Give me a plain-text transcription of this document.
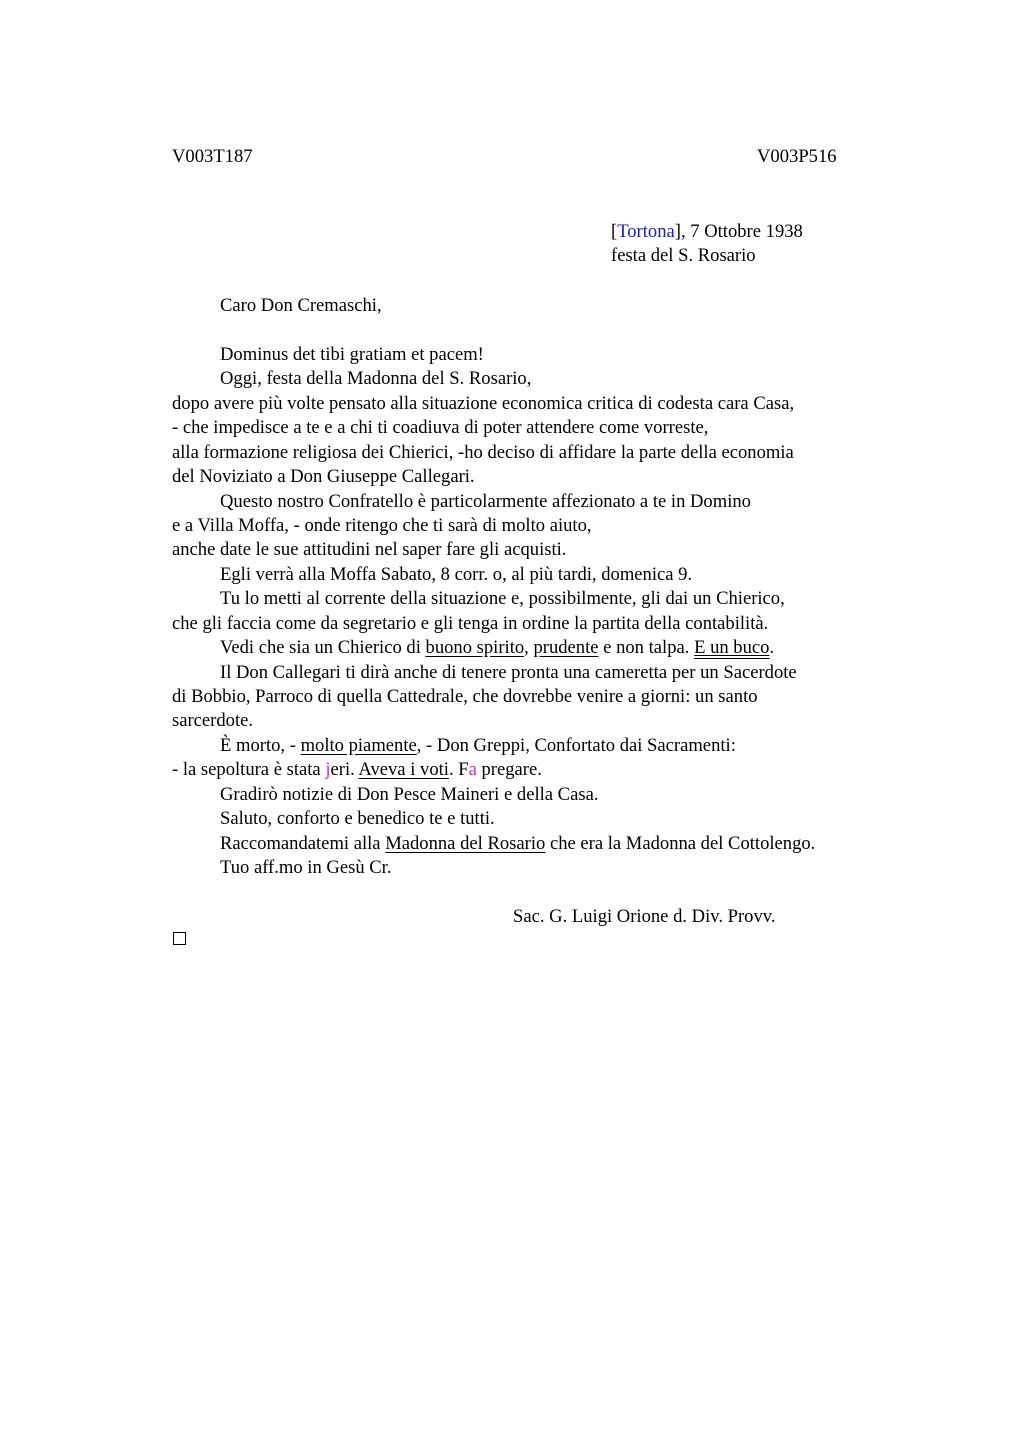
V003T187	V003P516
[Tortona], 7 Ottobre 1938
festa del S. Rosario
Caro Don Cremaschi,
Dominus det tibi gratiam et pacem!
Oggi, festa della Madonna del S. Rosario,
dopo avere più volte pensato alla situazione economica critica di codesta cara Casa,
- che impedisce a te e a chi ti coadiuva di poter attendere come vorreste,
alla formazione religiosa dei Chierici, -ho deciso di affidare la parte della economia
del Noviziato a Don Giuseppe Callegari.
Questo nostro Confratello è particolarmente affezionato a te in Domino
e a Villa Moffa, - onde ritengo che ti sarà di molto aiuto,
anche date le sue attitudini nel saper fare gli acquisti.
Egli verrà alla Moffa Sabato, 8 corr. o, al più tardi, domenica 9.
Tu lo metti al corrente della situazione e, possibilmente, gli dai un Chierico,
che gli faccia come da segretario e gli tenga in ordine la partita della contabilità.
Vedi che sia un Chierico di buono spirito, prudente e non talpa. E un buco.
Il Don Callegari ti dirà anche di tenere pronta una cameretta per un Sacerdote
di Bobbio, Parroco di quella Cattedrale, che dovrebbe venire a giorni: un santo
sarcerdote.
È morto, - molto piamente, - Don Greppi, Confortato dai Sacramenti:
- la sepoltura è stata jeri. Aveva i voti. Fa pregare.
Gradirò notizie di Don Pesce Maineri e della Casa.
Saluto, conforto e benedico te e tutti.
Raccomandatemi alla Madonna del Rosario che era la Madonna del Cottolengo.
Tuo aff.mo in Gesù Cr.
Sac. G. Luigi Orione d. Div. Provv.
